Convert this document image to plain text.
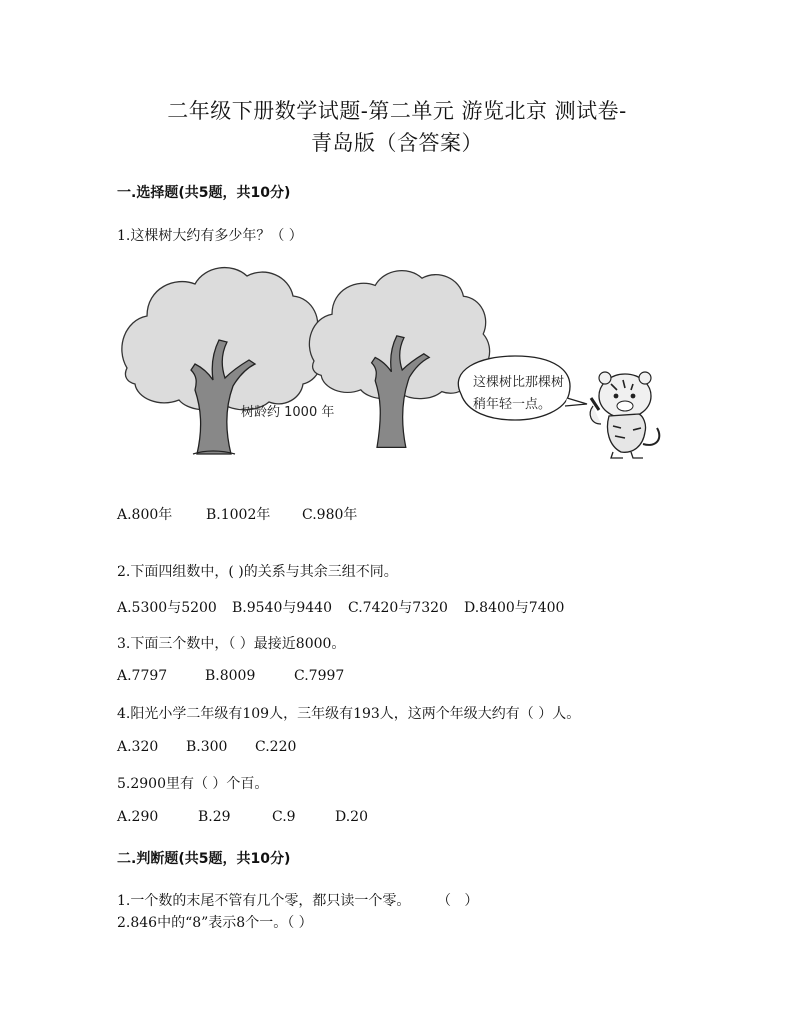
二年级下册数学试题-第二单元 游览北京 测试卷-
青岛版（含答案）
一.选择题(共5题，共10分)
1.这棵树大约有多少年？（ ）
树龄约 1000 年
这棵树比那棵树
稍年轻一点。
A.800年	B.1002年	C.980年
2.下面四组数中，( )的关系与其余三组不同。
A.5300与5200	B.9540与9440	C.7420与7320	D.8400与7400
3.下面三个数中，（ ）最接近8000。
A.7797	B.8009	C.7997
4.阳光小学二年级有109人，三年级有193人，这两个年级大约有（ ）人。
A.320	B.300	C.220
5.2900里有（ ）个百。
A.290	B.29	C.9	D.20
二.判断题(共5题，共10分)
1.一个数的末尾不管有几个零，都只读一个零。      （   ）
2.846中的“8”表示8个一。（ ）
